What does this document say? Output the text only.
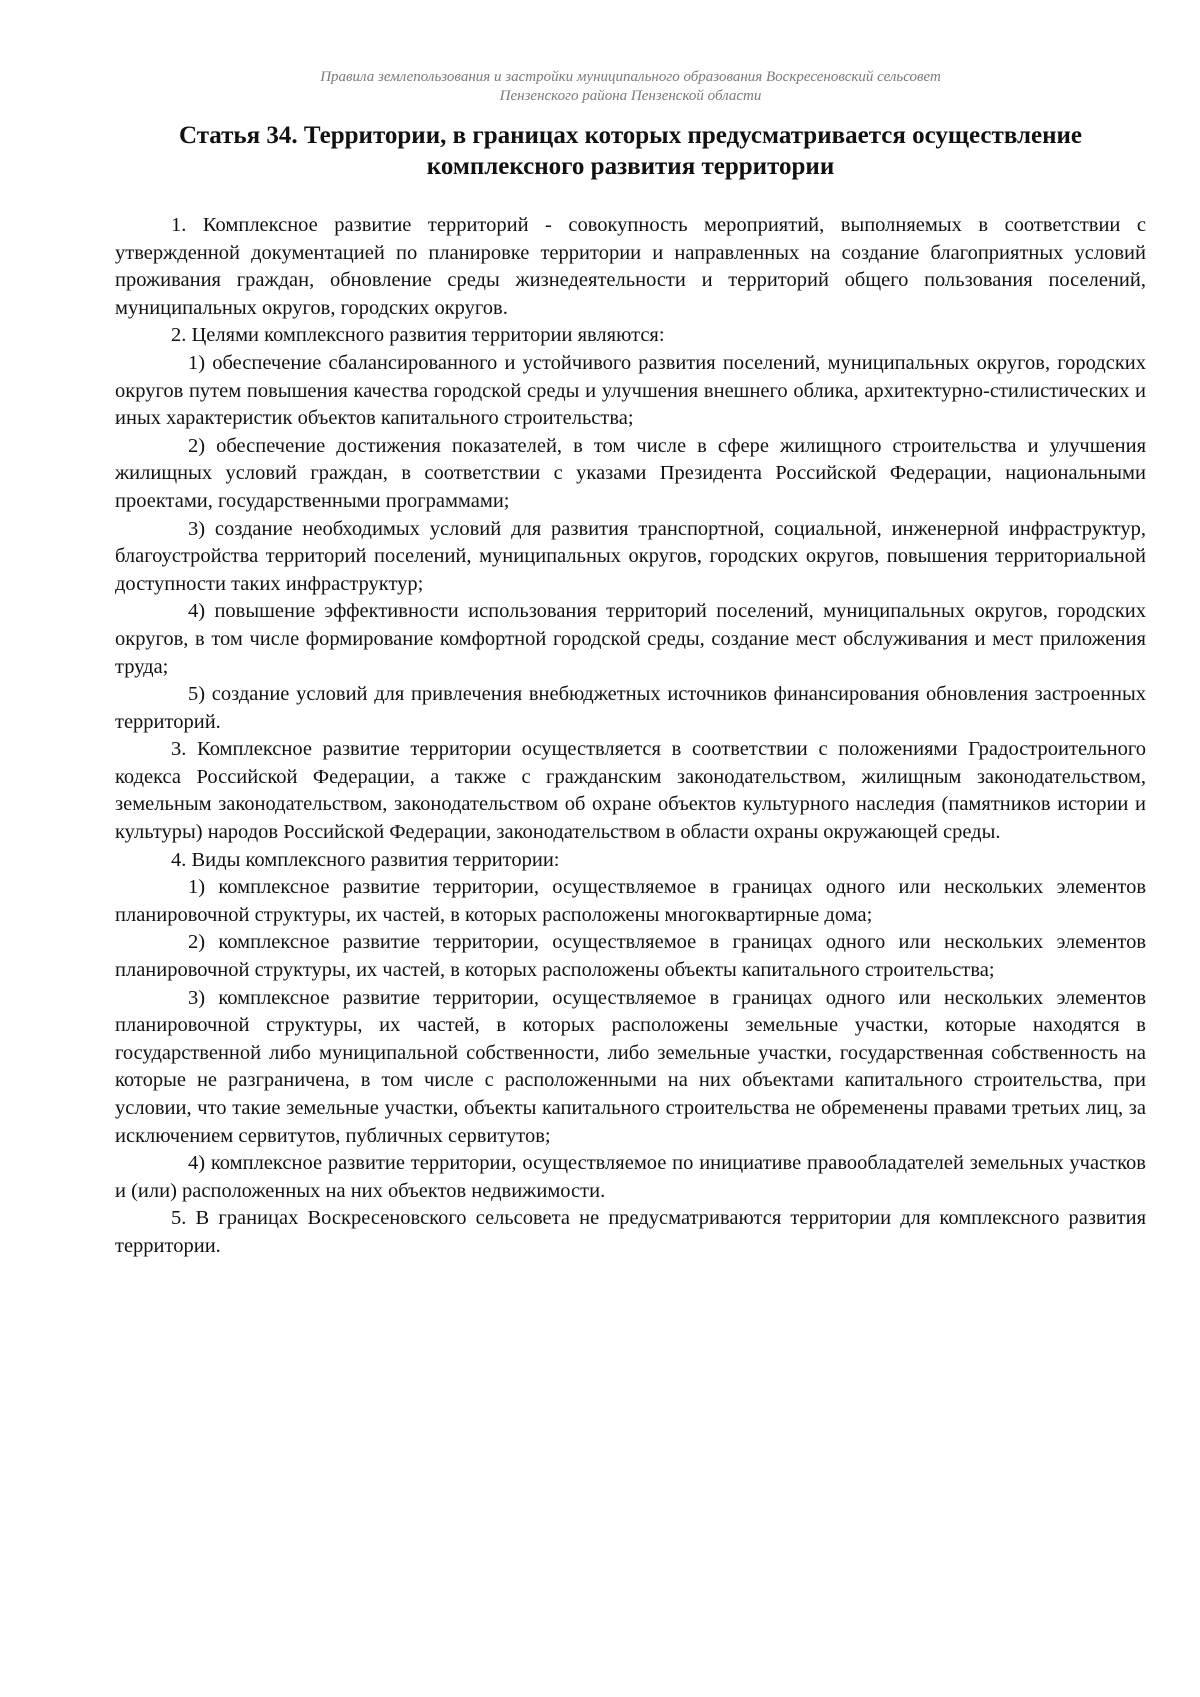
Правила землепользования и застройки муниципального образования Воскресеновский сельсовет
Пензенского района Пензенской области
Статья 34. Территории, в границах которых предусматривается осуществление
комплексного развития территории

1. Комплексное развитие территорий - совокупность мероприятий, выполняемых в соответствии с утвержденной документацией по планировке территории и направленных на создание благоприятных условий проживания граждан, обновление среды жизнедеятельности и территорий общего пользования поселений, муниципальных округов, городских округов.

2. Целями комплексного развития территории являются:

1) обеспечение сбалансированного и устойчивого развития поселений, муниципальных округов, городских округов путем повышения качества городской среды и улучшения внешнего облика, архитектурно-стилистических и иных характеристик объектов капитального строительства;

2) обеспечение достижения показателей, в том числе в сфере жилищного строительства и улучшения жилищных условий граждан, в соответствии с указами Президента Российской Федерации, национальными проектами, государственными программами;

3) создание необходимых условий для развития транспортной, социальной, инженерной инфраструктур, благоустройства территорий поселений, муниципальных округов, городских округов, повышения территориальной доступности таких инфраструктур;

4) повышение эффективности использования территорий поселений, муниципальных округов, городских округов, в том числе формирование комфортной городской среды, создание мест обслуживания и мест приложения труда;

5) создание условий для привлечения внебюджетных источников финансирования обновления застроенных территорий.

3. Комплексное развитие территории осуществляется в соответствии с положениями Градостроительного кодекса Российской Федерации, а также с гражданским законодательством, жилищным законодательством, земельным законодательством, законодательством об охране объектов культурного наследия (памятников истории и культуры) народов Российской Федерации, законодательством в области охраны окружающей среды.

4. Виды комплексного развития территории:

1) комплексное развитие территории, осуществляемое в границах одного или нескольких элементов планировочной структуры, их частей, в которых расположены многоквартирные дома;

2) комплексное развитие территории, осуществляемое в границах одного или нескольких элементов планировочной структуры, их частей, в которых расположены объекты капитального строительства;

3) комплексное развитие территории, осуществляемое в границах одного или нескольких элементов планировочной структуры, их частей, в которых расположены земельные участки, которые находятся в государственной либо муниципальной собственности, либо земельные участки, государственная собственность на которые не разграничена, в том числе с расположенными на них объектами капитального строительства, при условии, что такие земельные участки, объекты капитального строительства не обременены правами третьих лиц, за исключением сервитутов, публичных сервитутов;

4) комплексное развитие территории, осуществляемое по инициативе правообладателей земельных участков и (или) расположенных на них объектов недвижимости.

5. В границах Воскресеновского сельсовета не предусматриваются территории для комплексного развития территории.
